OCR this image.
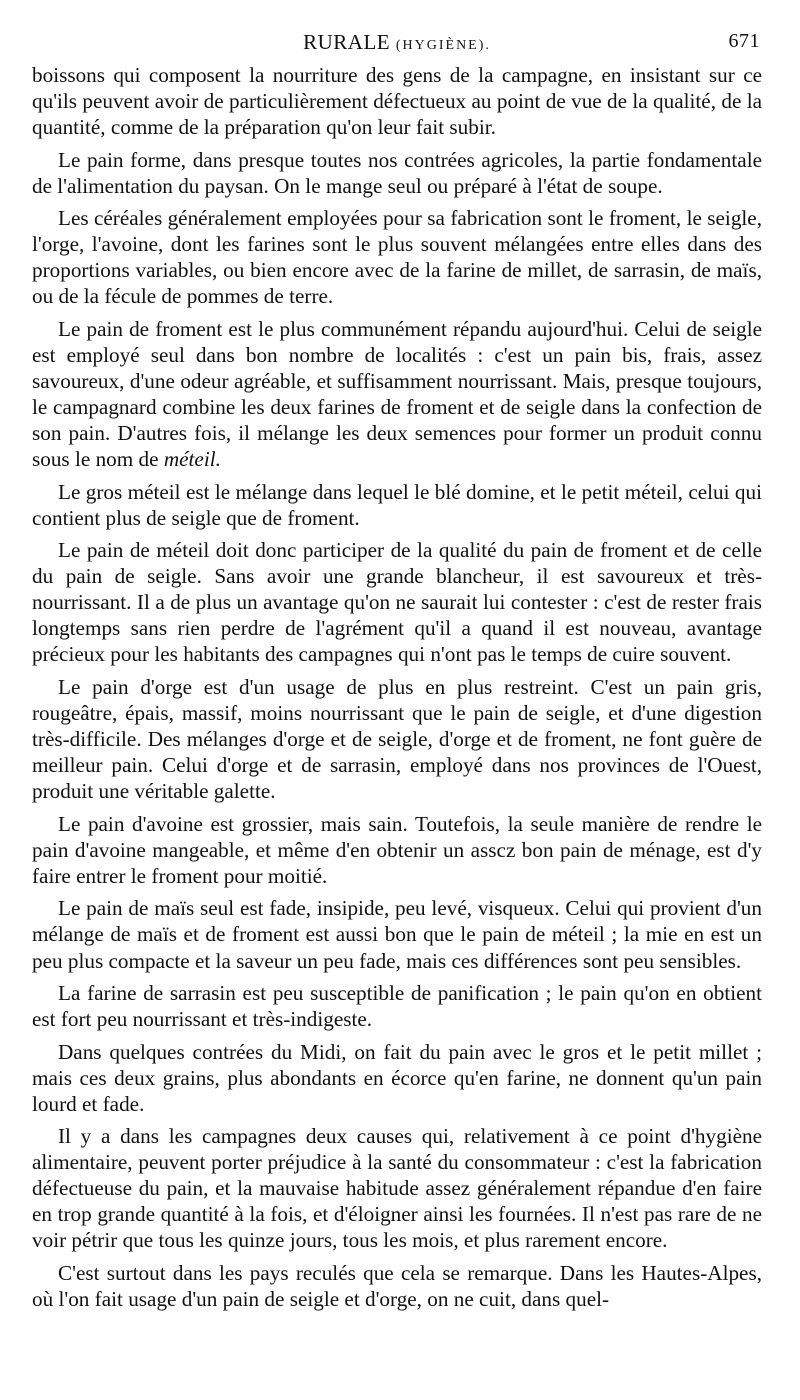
RURALE (HYGIÈNE).	671

boissons qui composent la nourriture des gens de la campagne, en insistant sur ce qu'ils peuvent avoir de particulièrement défectueux au point de vue de la qualité, de la quantité, comme de la préparation qu'on leur fait subir.

Le pain forme, dans presque toutes nos contrées agricoles, la partie fondamentale de l'alimentation du paysan. On le mange seul ou préparé à l'état de soupe.

Les céréales généralement employées pour sa fabrication sont le froment, le seigle, l'orge, l'avoine, dont les farines sont le plus souvent mélangées entre elles dans des proportions variables, ou bien encore avec de la farine de millet, de sarrasin, de maïs, ou de la fécule de pommes de terre.

Le pain de froment est le plus communément répandu aujourd'hui. Celui de seigle est employé seul dans bon nombre de localités : c'est un pain bis, frais, assez savoureux, d'une odeur agréable, et suffisamment nourrissant. Mais, presque toujours, le campagnard combine les deux farines de froment et de seigle dans la confection de son pain. D'autres fois, il mélange les deux semences pour former un produit connu sous le nom de méteil.

Le gros méteil est le mélange dans lequel le blé domine, et le petit méteil, celui qui contient plus de seigle que de froment.

Le pain de méteil doit donc participer de la qualité du pain de froment et de celle du pain de seigle. Sans avoir une grande blancheur, il est savoureux et très-nourrissant. Il a de plus un avantage qu'on ne saurait lui contester : c'est de rester frais longtemps sans rien perdre de l'agrément qu'il a quand il est nouveau, avantage précieux pour les habitants des campagnes qui n'ont pas le temps de cuire souvent.

Le pain d'orge est d'un usage de plus en plus restreint. C'est un pain gris, rougeâtre, épais, massif, moins nourrissant que le pain de seigle, et d'une digestion très-difficile. Des mélanges d'orge et de seigle, d'orge et de froment, ne font guère de meilleur pain. Celui d'orge et de sarrasin, employé dans nos provinces de l'Ouest, produit une véritable galette.

Le pain d'avoine est grossier, mais sain. Toutefois, la seule manière de rendre le pain d'avoine mangeable, et même d'en obtenir un asscz bon pain de ménage, est d'y faire entrer le froment pour moitié.

Le pain de maïs seul est fade, insipide, peu levé, visqueux. Celui qui provient d'un mélange de maïs et de froment est aussi bon que le pain de méteil ; la mie en est un peu plus compacte et la saveur un peu fade, mais ces différences sont peu sensibles.

La farine de sarrasin est peu susceptible de panification ; le pain qu'on en obtient est fort peu nourrissant et très-indigeste.

Dans quelques contrées du Midi, on fait du pain avec le gros et le petit millet ; mais ces deux grains, plus abondants en écorce qu'en farine, ne donnent qu'un pain lourd et fade.

Il y a dans les campagnes deux causes qui, relativement à ce point d'hygiène alimentaire, peuvent porter préjudice à la santé du consommateur : c'est la fabrication défectueuse du pain, et la mauvaise habitude assez généralement répandue d'en faire en trop grande quantité à la fois, et d'éloigner ainsi les fournées. Il n'est pas rare de ne voir pétrir que tous les quinze jours, tous les mois, et plus rarement encore.

C'est surtout dans les pays reculés que cela se remarque. Dans les Hautes-Alpes, où l'on fait usage d'un pain de seigle et d'orge, on ne cuit, dans quel-
